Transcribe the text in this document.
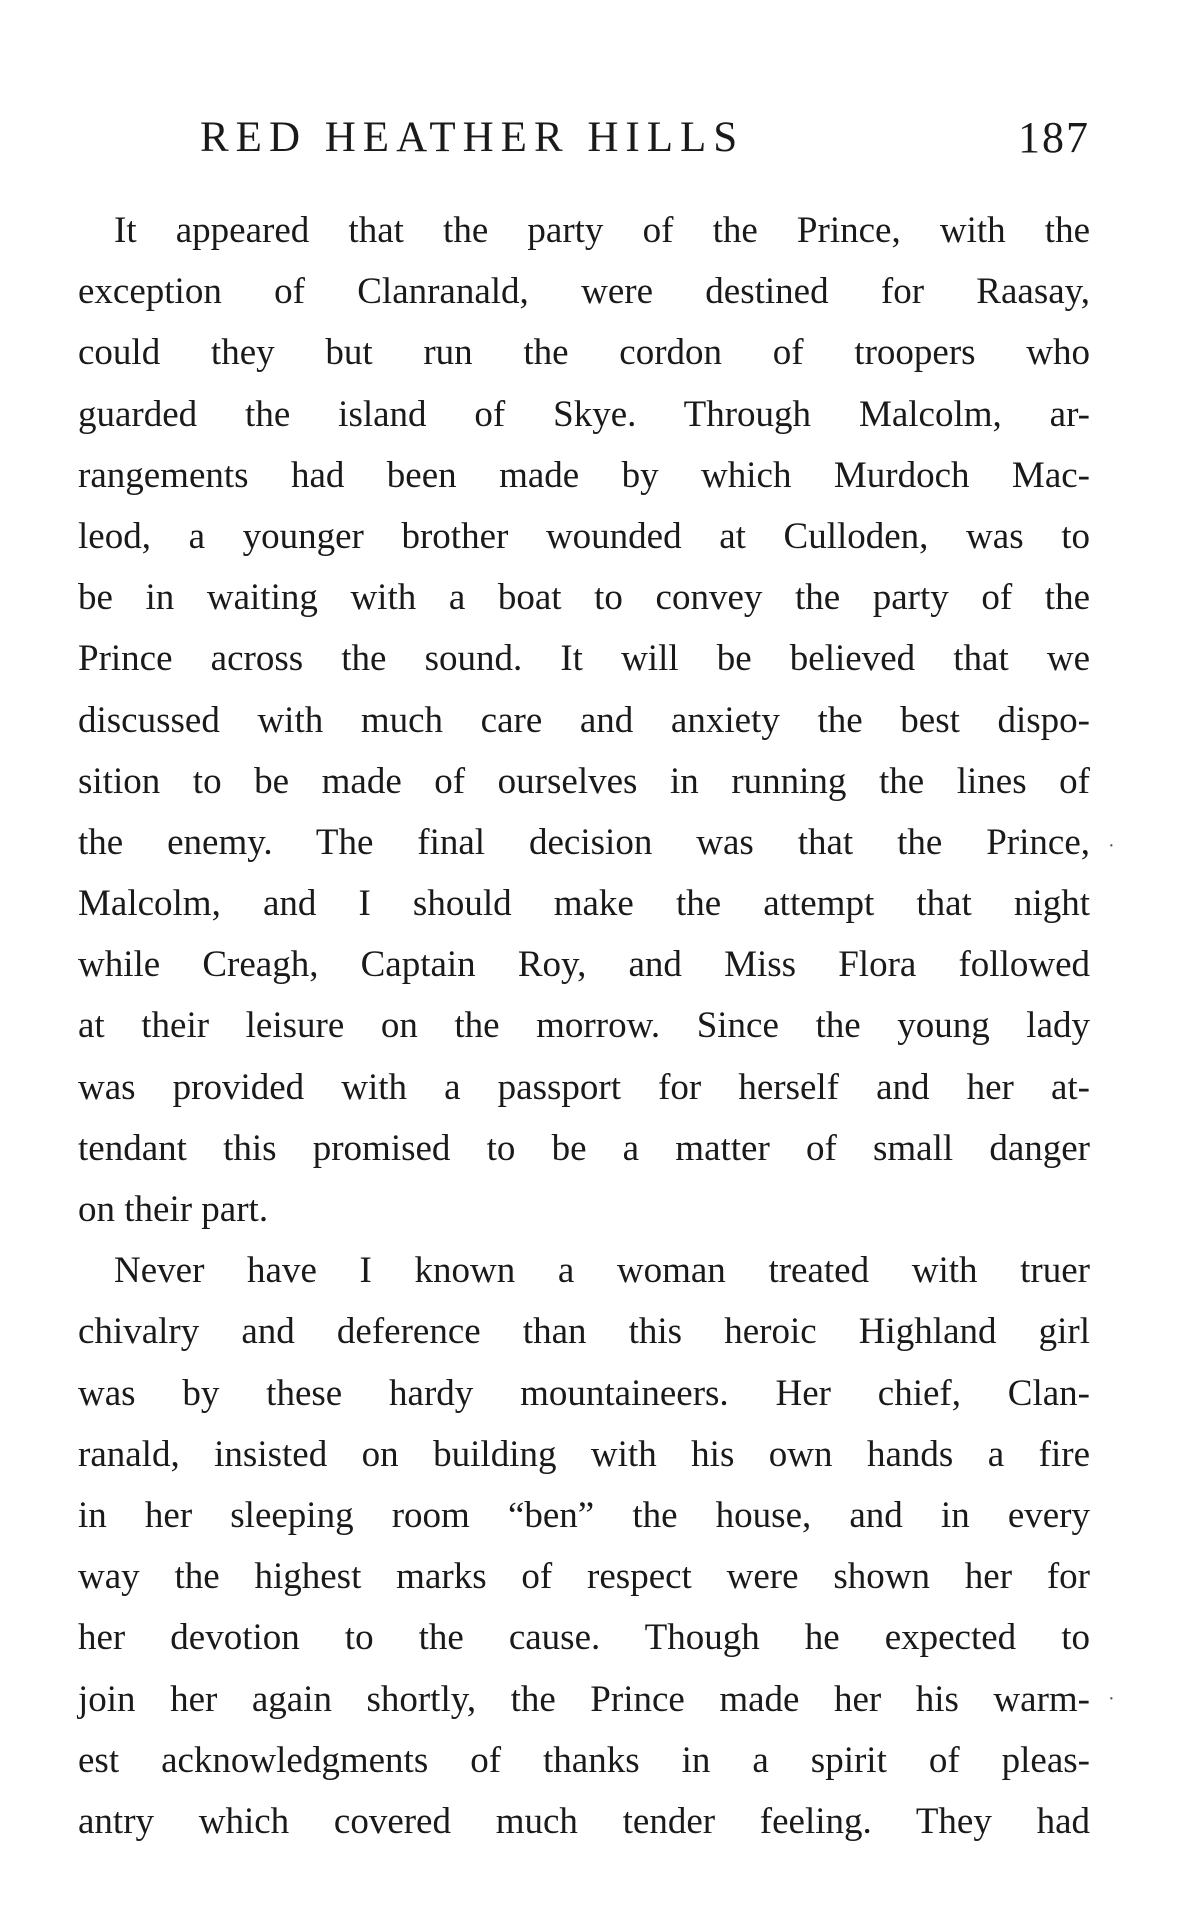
RED HEATHER HILLS	187
It appeared that the party of the Prince, with the
exception of Clanranald, were destined for Raasay,
could they but run the cordon of troopers who
guarded the island of Skye. Through Malcolm, ar-
rangements had been made by which Murdoch Mac-
leod, a younger brother wounded at Culloden, was to
be in waiting with a boat to convey the party of the
Prince across the sound. It will be believed that we
discussed with much care and anxiety the best dispo-
sition to be made of ourselves in running the lines of
the enemy. The final decision was that the Prince,
Malcolm, and I should make the attempt that night
while Creagh, Captain Roy, and Miss Flora followed
at their leisure on the morrow. Since the young lady
was provided with a passport for herself and her at-
tendant this promised to be a matter of small danger
on their part.
Never have I known a woman treated with truer
chivalry and deference than this heroic Highland girl
was by these hardy mountaineers. Her chief, Clan-
ranald, insisted on building with his own hands a fire
in her sleeping room “ben” the house, and in every
way the highest marks of respect were shown her for
her devotion to the cause. Though he expected to
join her again shortly, the Prince made her his warm-
est acknowledgments of thanks in a spirit of pleas-
antry which covered much tender feeling. They had
·
·
